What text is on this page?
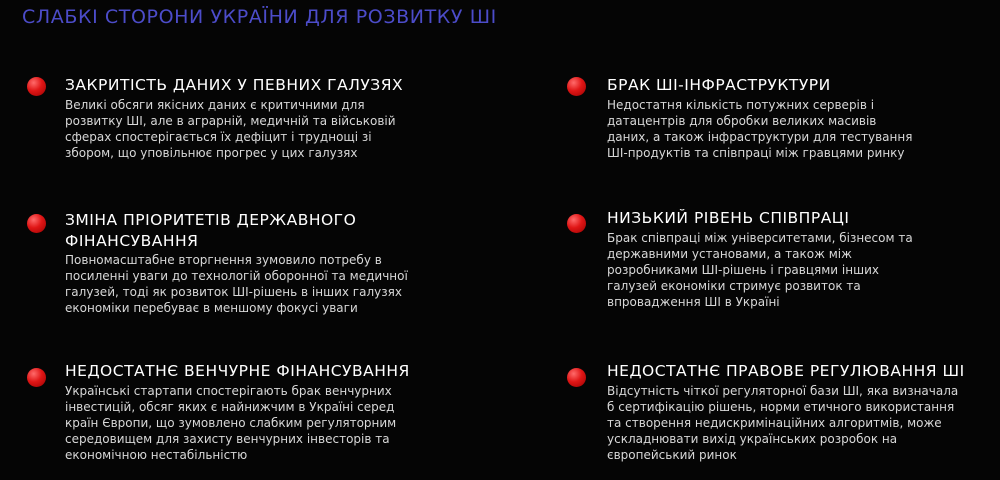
СЛАБКІ СТОРОНИ УКРАЇНИ ДЛЯ РОЗВИТКУ ШІ
ЗАКРИТІСТЬ ДАНИХ У ПЕВНИХ ГАЛУЗЯХ
Великі обсяги якісних даних є критичними для
розвитку ШІ, але в аграрній, медичній та військовій
сферах спостерігається їх дефіцит і труднощі зі
збором, що уповільнює прогрес у цих галузях
БРАК ШІ-ІНФРАСТРУКТУРИ
Недостатня кількість потужних серверів і
датацентрів для обробки великих масивів
даних, а також інфраструктури для тестування
ШІ-продуктів та співпраці між гравцями ринку
ЗМІНА ПРІОРИТЕТІВ ДЕРЖАВНОГО
ФІНАНСУВАННЯ
Повномасштабне вторгнення зумовило потребу в
посиленні уваги до технологій оборонної та медичної
галузей, тоді як розвиток ШІ-рішень в інших галузях
економіки перебуває в меншому фокусі уваги
НИЗЬКИЙ РІВЕНЬ СПІВПРАЦІ
Брак співпраці між університетами, бізнесом та
державними установами, а також між
розробниками ШІ-рішень і гравцями інших
галузей економіки стримує розвиток та
впровадження ШІ в Україні
НЕДОСТАТНЄ ВЕНЧУРНЕ ФІНАНСУВАННЯ
Українські стартапи спостерігають брак венчурних
інвестицій, обсяг яких є найнижчим в Україні серед
країн Європи, що зумовлено слабким регуляторним
середовищем для захисту венчурних інвесторів та
економічною нестабільністю
НЕДОСТАТНЄ ПРАВОВЕ РЕГУЛЮВАННЯ ШІ
Відсутність чіткої регуляторної бази ШІ, яка визначала
б сертифікацію рішень, норми етичного використання
та створення недискримінаційних алгоритмів, може
ускладнювати вихід українських розробок на
європейський ринок
